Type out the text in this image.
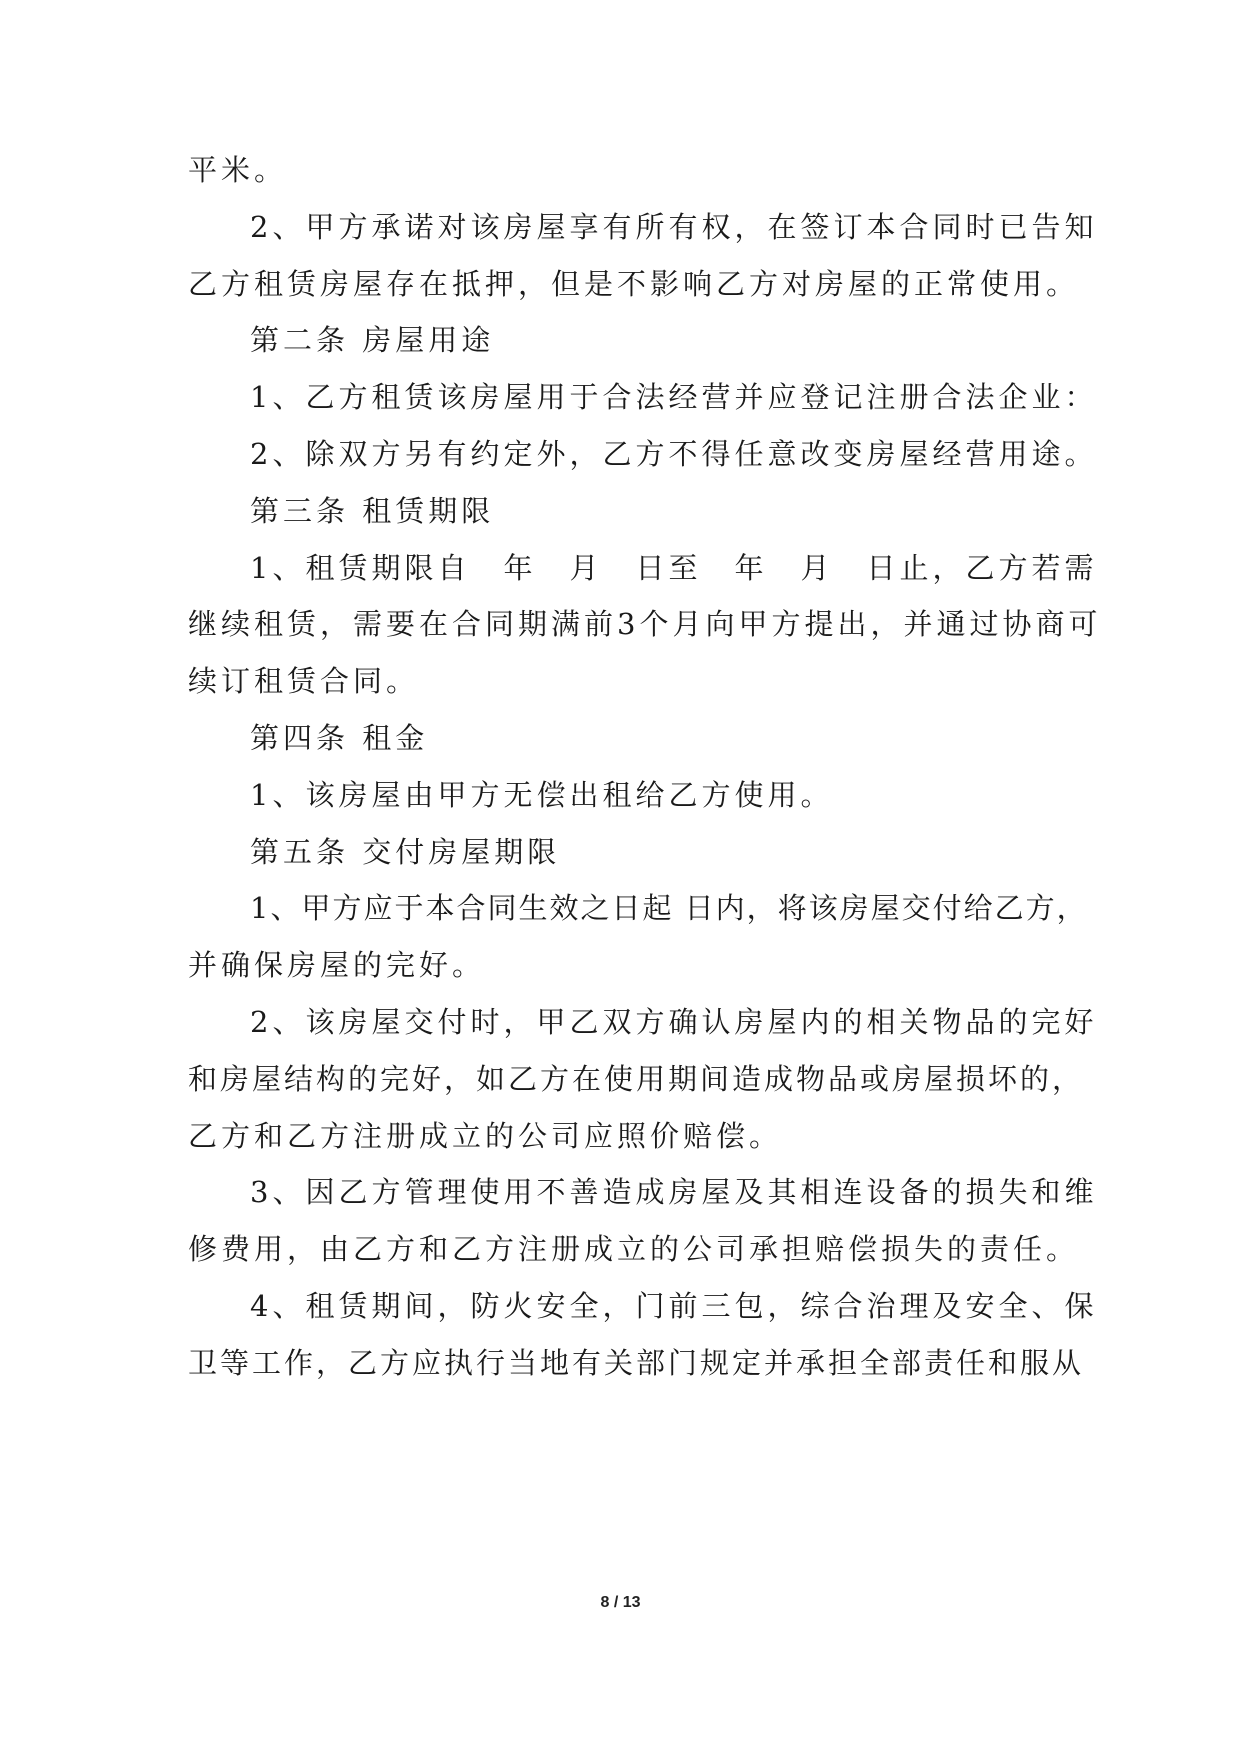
平米。
2、甲方承诺对该房屋享有所有权，在签订本合同时已告知
乙方租赁房屋存在抵押，但是不影响乙方对房屋的正常使用。
第二条 房屋用途
1、乙方租赁该房屋用于合法经营并应登记注册合法企业：
2、除双方另有约定外，乙方不得任意改变房屋经营用途。
第三条 租赁期限
1、租赁期限自　年　月　日至　年　月　日止，乙方若需
继续租赁，需要在合同期满前3个月向甲方提出，并通过协商可
续订租赁合同。
第四条 租金
1、该房屋由甲方无偿出租给乙方使用。
第五条 交付房屋期限
1、甲方应于本合同生效之日起 日内，将该房屋交付给乙方，
并确保房屋的完好。
2、该房屋交付时，甲乙双方确认房屋内的相关物品的完好
和房屋结构的完好，如乙方在使用期间造成物品或房屋损坏的，
乙方和乙方注册成立的公司应照价赔偿。
3、因乙方管理使用不善造成房屋及其相连设备的损失和维
修费用，由乙方和乙方注册成立的公司承担赔偿损失的责任。
4、租赁期间，防火安全，门前三包，综合治理及安全、保
卫等工作，乙方应执行当地有关部门规定并承担全部责任和服从
8 / 13
